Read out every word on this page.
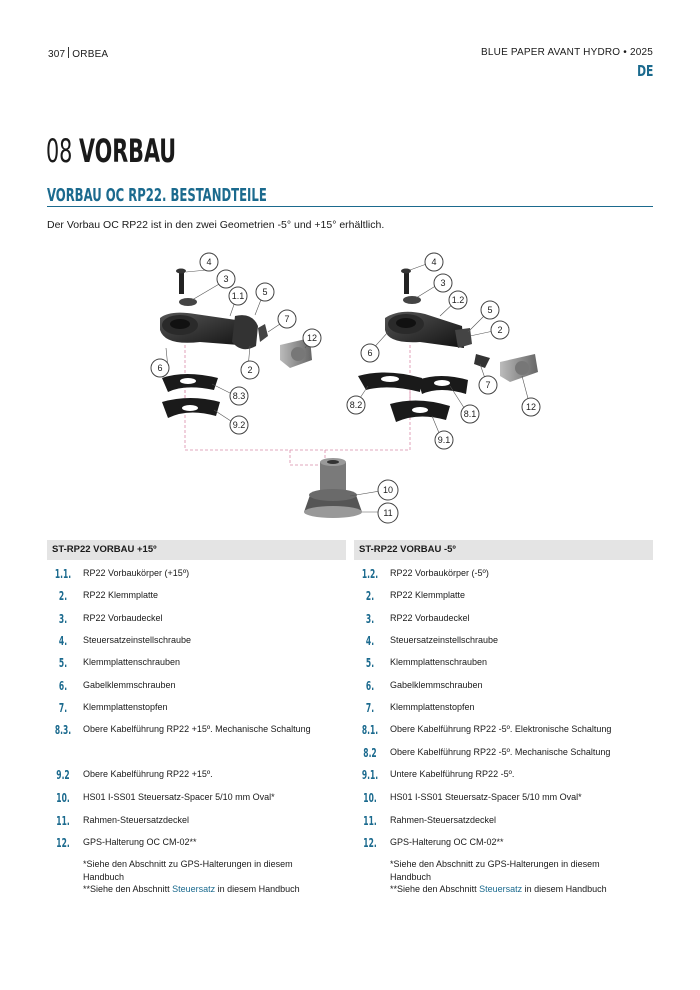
307 ORBEA	BLUE PAPER AVANT HYDRO • 2025
DE
08 VORBAU
VORBAU OC RP22. BESTANDTEILE
Der Vorbau OC RP22 ist in den zwei Geometrien -5° und +15° erhältlich.
4
3
1.1 5
7
12
6	2
8.3
9.2
4
3
1.2
5
2
6
7
12
8.2
8.1
9.1
10
11
ST-RP22 VORBAU +15º
1.1. RP22 Vorbaukörper (+15º)
2.	RP22 Klemmplatte
3.	RP22 Vorbaudeckel
4.	Steuersatzeinstellschraube
5.	Klemmplattenschrauben
6.	Gabelklemmschrauben
7.	Klemmplattenstopfen
8.3. Obere Kabelführung RP22 +15º. Mechanische Schaltung
9.2	Obere Kabelführung RP22 +15º.
10.	HS01 I-SS01 Steuersatz-Spacer 5/10 mm Oval*
11.	Rahmen-Steuersatzdeckel
12.	GPS-Halterung OC CM-02**
*Siehe den Abschnitt zu GPS-Halterungen in diesem Handbuch
**Siehe den Abschnitt Steuersatz in diesem Handbuch
ST-RP22 VORBAU -5º
1.2. RP22 Vorbaukörper (-5º)
2.	RP22 Klemmplatte
3.	RP22 Vorbaudeckel
4.	Steuersatzeinstellschraube
5.	Klemmplattenschrauben
6.	Gabelklemmschrauben
7.	Klemmplattenstopfen
8.1. Obere Kabelführung RP22 -5º. Elektronische Schaltung
8.2	Obere Kabelführung RP22 -5º. Mechanische Schaltung
9.1. Untere Kabelführung RP22 -5º.
10.	HS01 I-SS01 Steuersatz-Spacer 5/10 mm Oval*
11.	Rahmen-Steuersatzdeckel
12.	GPS-Halterung OC CM-02**
*Siehe den Abschnitt zu GPS-Halterungen in diesem Handbuch
**Siehe den Abschnitt Steuersatz in diesem Handbuch
